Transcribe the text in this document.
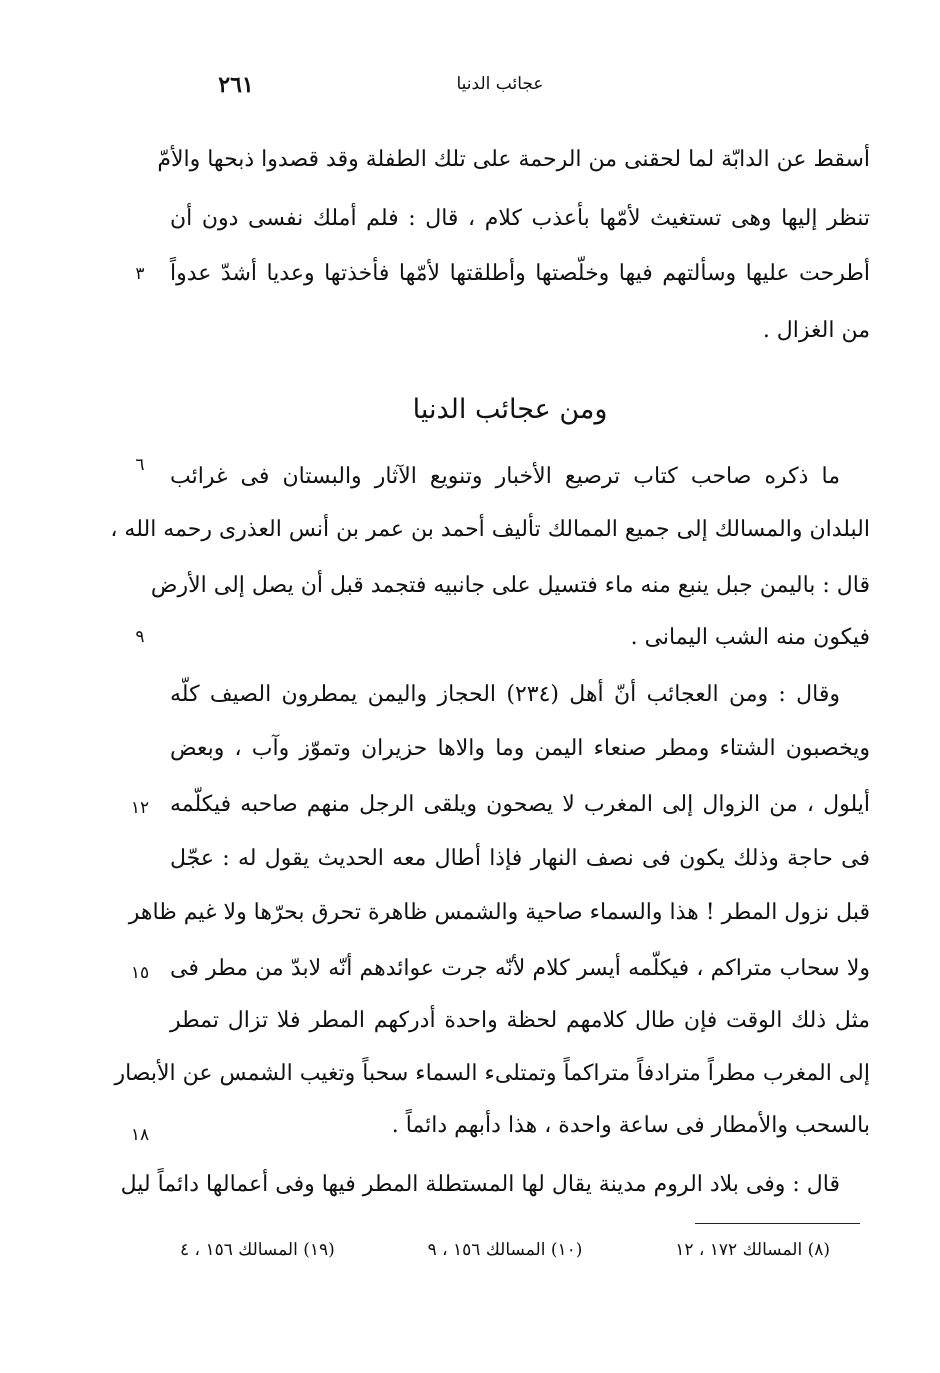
عجائب الدنيا
٢٦١
أسقط عن الدابّة لما لحقنى من الرحمة على تلك الطفلة وقد قصدوا ذبحها والأمّ
تنظر إليها وهى تستغيث لأمّها بأعذب كلام ، قال : فلم أملك نفسى دون أن
أطرحت عليها وسألتهم فيها وخلّصتها وأطلقتها لأمّها فأخذتها وعديا أشدّ عدواً
من الغزال .
ومن عجائب الدنيا
ما ذكره صاحب كتاب ترصيع الأخبار وتنويع الآثار والبستان فى غرائب
البلدان والمسالك إلى جميع الممالك تأليف أحمد بن عمر بن أنس العذرى رحمه الله ،
قال : باليمن جبل ينبع منه ماء فتسيل على جانبيه فتجمد قبل أن يصل إلى الأرض
فيكون منه الشب اليمانى .
وقال : ومن العجائب أنّ أهل (٢٣٤) الحجاز واليمن يمطرون الصيف كلّه
ويخصبون الشتاء ومطر صنعاء اليمن وما والاها حزيران وتموّز وآب ، وبعض
أيلول ، من الزوال إلى المغرب لا يصحون ويلقى الرجل منهم صاحبه فيكلّمه
فى حاجة وذلك يكون فى نصف النهار فإذا أطال معه الحديث يقول له : عجّل
قبل نزول المطر ! هذا والسماء صاحية والشمس ظاهرة تحرق بحرّها ولا غيم ظاهر
ولا سحاب متراكم ، فيكلّمه أيسر كلام لأنّه جرت عوائدهم أنّه لابدّ من مطر فى
مثل ذلك الوقت فإن طال كلامهم لحظة واحدة أدركهم المطر فلا تزال تمطر
إلى المغرب مطراً مترادفاً متراكماً وتمتلىء السماء سحباً وتغيب الشمس عن الأبصار
بالسحب والأمطار فى ساعة واحدة ، هذا دأبهم دائماً .
قال : وفى بلاد الروم مدينة يقال لها المستطلة المطر فيها وفى أعمالها دائماً ليل
٣
٦
٩
١٢
١٥
١٨
(٨) المسالك ١٧٢ ، ١٢
(١٠) المسالك ١٥٦ ، ٩
(١٩) المسالك ١٥٦ ، ٤
